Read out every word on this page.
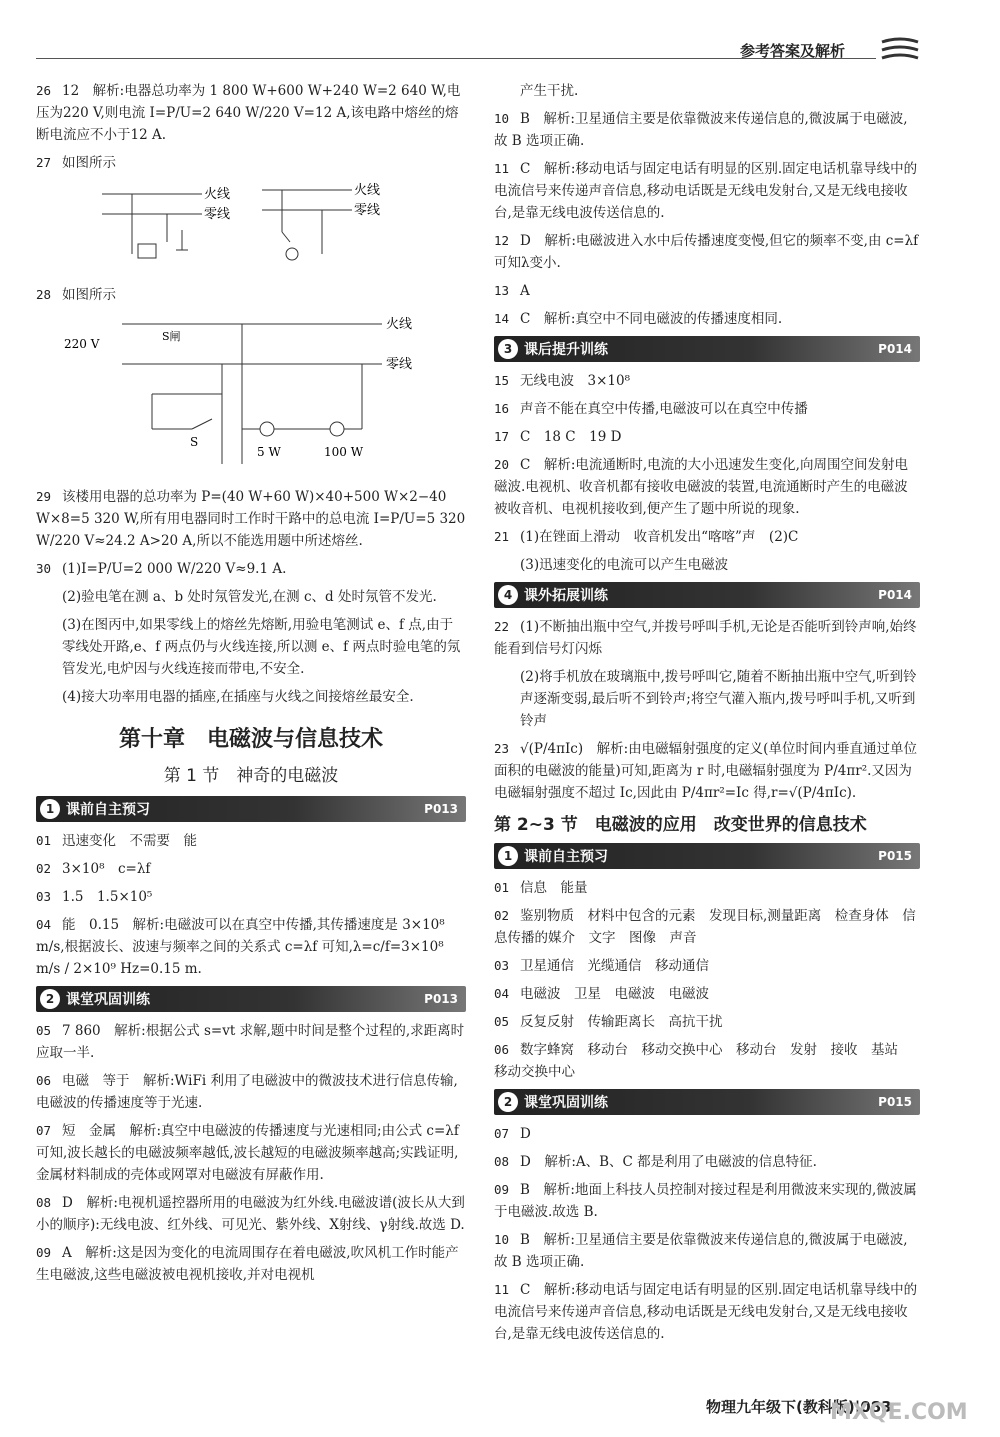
参考答案及解析
26 12　解析:电器总功率为 1 800 W+600 W+240 W=2 640 W,电压为220 V,则电流 I=P/U=2 640 W/220 V=12 A,该电路中熔丝的熔断电流应不小于12 A.
27 如图所示
火线
零线
火线
零线
28 如图所示
火线
零线
220 V
S闸
S
5 W	100 W
29 该楼用电器的总功率为 P=(40 W+60 W)×40+500 W×2−40 W×8=5 320 W,所有用电器同时工作时干路中的总电流 I=P/U=5 320 W/220 V≈24.2 A>20 A,所以不能选用题中所述熔丝.
30 (1)I=P/U=2 000 W/220 V≈9.1 A.
(2)验电笔在测 a、b 处时氖管发光,在测 c、d 处时氖管不发光.
(3)在图丙中,如果零线上的熔丝先熔断,用验电笔测试 e、f 点,由于零线处开路,e、f 两点仍与火线连接,所以测 e、f 两点时验电笔的氖管发光,电炉因与火线连接而带电,不安全.
(4)接大功率用电器的插座,在插座与火线之间接熔丝最安全.
第十章　电磁波与信息技术
第 1 节　神奇的电磁波
1 课前自主预习	P013
01 迅速变化　不需要　能
02 3×10⁸　c=λf
03 1.5　1.5×10⁵
04 能　0.15　解析:电磁波可以在真空中传播,其传播速度是 3×10⁸ m/s,根据波长、波速与频率之间的关系式 c=λf 可知,λ=c/f=3×10⁸ m/s / 2×10⁹ Hz=0.15 m.
2 课堂巩固训练	P013
05 7 860　解析:根据公式 s=vt 求解,题中时间是整个过程的,求距离时应取一半.
06 电磁　等于　解析:WiFi 利用了电磁波中的微波技术进行信息传输,电磁波的传播速度等于光速.
07 短　金属　解析:真空中电磁波的传播速度与光速相同;由公式 c=λf 可知,波长越长的电磁波频率越低,波长越短的电磁波频率越高;实践证明,金属材料制成的壳体或网罩对电磁波有屏蔽作用.
08 D　解析:电视机遥控器所用的电磁波为红外线.电磁波谱(波长从大到小的顺序):无线电波、红外线、可见光、紫外线、X射线、γ射线.故选 D.
09 A　解析:这是因为变化的电流周围存在着电磁波,吹风机工作时能产生电磁波,这些电磁波被电视机接收,并对电视机
产生干扰.
10 B　解析:卫星通信主要是依靠微波来传递信息的,微波属于电磁波,故 B 选项正确.
11 C　解析:移动电话与固定电话有明显的区别.固定电话机靠导线中的电流信号来传递声音信息,移动电话既是无线电发射台,又是无线电接收台,是靠无线电波传送信息的.
12 D　解析:电磁波进入水中后传播速度变慢,但它的频率不变,由 c=λf 可知λ变小.
13 A
14 C　解析:真空中不同电磁波的传播速度相同.
3 课后提升训练	P014
15 无线电波　3×10⁸
16 声音不能在真空中传播,电磁波可以在真空中传播
17 C　18 C　19 D
20 C　解析:电流通断时,电流的大小迅速发生变化,向周围空间发射电磁波.电视机、收音机都有接收电磁波的装置,电流通断时产生的电磁波被收音机、电视机接收到,便产生了题中所说的现象.
21 (1)在锉面上滑动　收音机发出“喀喀”声　(2)C
(3)迅速变化的电流可以产生电磁波
4 课外拓展训练	P014
22 (1)不断抽出瓶中空气,并拨号呼叫手机,无论是否能听到铃声响,始终能看到信号灯闪烁
(2)将手机放在玻璃瓶中,拨号呼叫它,随着不断抽出瓶中空气,听到铃声逐渐变弱,最后听不到铃声;将空气灌入瓶内,拨号呼叫手机,又听到铃声
23 √(P/4πIc)　解析:由电磁辐射强度的定义(单位时间内垂直通过单位面积的电磁波的能量)可知,距离为 r 时,电磁辐射强度为 P/4πr².又因为电磁辐射强度不超过 Ic,因此由 P/4πr²=Ic 得,r=√(P/4πIc).
第 2~3 节　电磁波的应用　改变世界的信息技术
1 课前自主预习	P015
01 信息　能量
02 鉴别物质　材料中包含的元素　发现目标,测量距离　检查身体　信息传播的媒介　文字　图像　声音
03 卫星通信　光缆通信　移动通信
04 电磁波　卫星　电磁波　电磁波
05 反复反射　传输距离长　高抗干扰
06 数字蜂窝　移动台　移动交换中心　移动台　发射　接收　基站　移动交换中心
2 课堂巩固训练	P015
07 D
08 D　解析:A、B、C 都是利用了电磁波的信息特征.
09 B　解析:地面上科技人员控制对接过程是利用微波来实现的,微波属于电磁波.故选 B.
10 B　解析:卫星通信主要是依靠微波来传递信息的,微波属于电磁波,故 B 选项正确.
11 C　解析:移动电话与固定电话有明显的区别.固定电话机靠导线中的电流信号来传递声音信息,移动电话既是无线电发射台,又是无线电接收台,是靠无线电波传送信息的.
物理九年级下(教科版)|083
MXQE.COM
